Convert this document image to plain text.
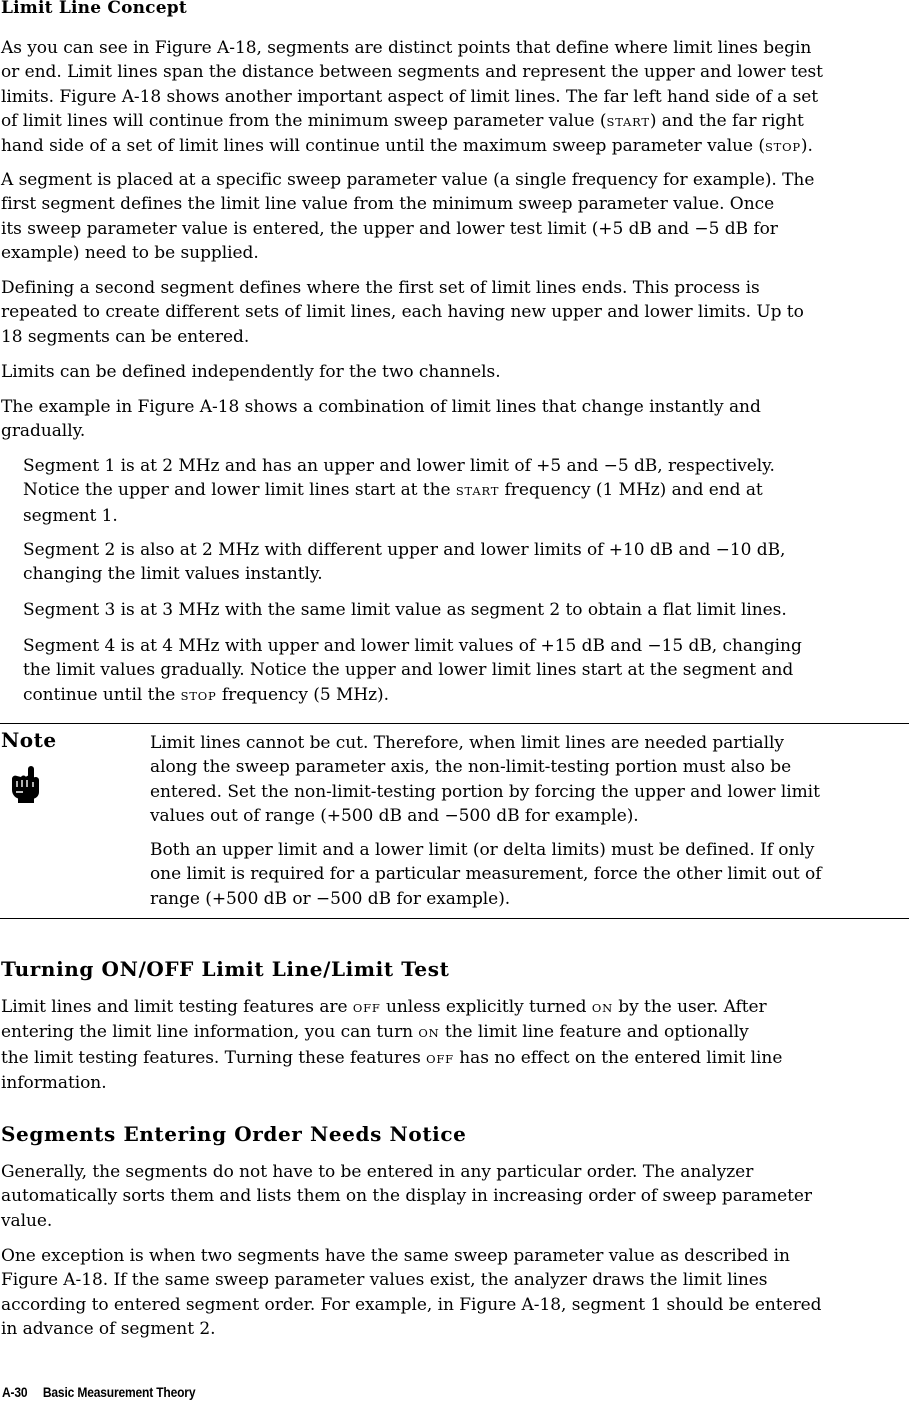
Limit Line Concept

As you can see in Figure A-18, segments are distinct points that define where limit lines begin
or end. Limit lines span the distance between segments and represent the upper and lower test
limits. Figure A-18 shows another important aspect of limit lines. The far left hand side of a set
of limit lines will continue from the minimum sweep parameter value (START) and the far right
hand side of a set of limit lines will continue until the maximum sweep parameter value (STOP).

A segment is placed at a specific sweep parameter value (a single frequency for example). The
first segment defines the limit line value from the minimum sweep parameter value. Once
its sweep parameter value is entered, the upper and lower test limit (+5 dB and −5 dB for
example) need to be supplied.

Defining a second segment defines where the first set of limit lines ends. This process is
repeated to create different sets of limit lines, each having new upper and lower limits. Up to
18 segments can be entered.

Limits can be defined independently for the two channels.

The example in Figure A-18 shows a combination of limit lines that change instantly and
gradually.

Segment 1 is at 2 MHz and has an upper and lower limit of +5 and −5 dB, respectively.
Notice the upper and lower limit lines start at the START frequency (1 MHz) and end at
segment 1.

Segment 2 is also at 2 MHz with different upper and lower limits of +10 dB and −10 dB,
changing the limit values instantly.

Segment 3 is at 3 MHz with the same limit value as segment 2 to obtain a flat limit lines.

Segment 4 is at 4 MHz with upper and lower limit values of +15 dB and −15 dB, changing
the limit values gradually. Notice the upper and lower limit lines start at the segment and
continue until the STOP frequency (5 MHz).

Note	Limit lines cannot be cut. Therefore, when limit lines are needed partially
along the sweep parameter axis, the non-limit-testing portion must also be
entered. Set the non-limit-testing portion by forcing the upper and lower limit
values out of range (+500 dB and −500 dB for example).

Both an upper limit and a lower limit (or delta limits) must be defined. If only
one limit is required for a particular measurement, force the other limit out of
range (+500 dB or −500 dB for example).

Turning ON/OFF Limit Line/Limit Test

Limit lines and limit testing features are OFF unless explicitly turned ON by the user. After
entering the limit line information, you can turn ON the limit line feature and optionally
the limit testing features. Turning these features OFF has no effect on the entered limit line
information.

Segments Entering Order Needs Notice

Generally, the segments do not have to be entered in any particular order. The analyzer
automatically sorts them and lists them on the display in increasing order of sweep parameter
value.

One exception is when two segments have the same sweep parameter value as described in
Figure A-18. If the same sweep parameter values exist, the analyzer draws the limit lines
according to entered segment order. For example, in Figure A-18, segment 1 should be entered
in advance of segment 2.

A-30 Basic Measurement Theory
